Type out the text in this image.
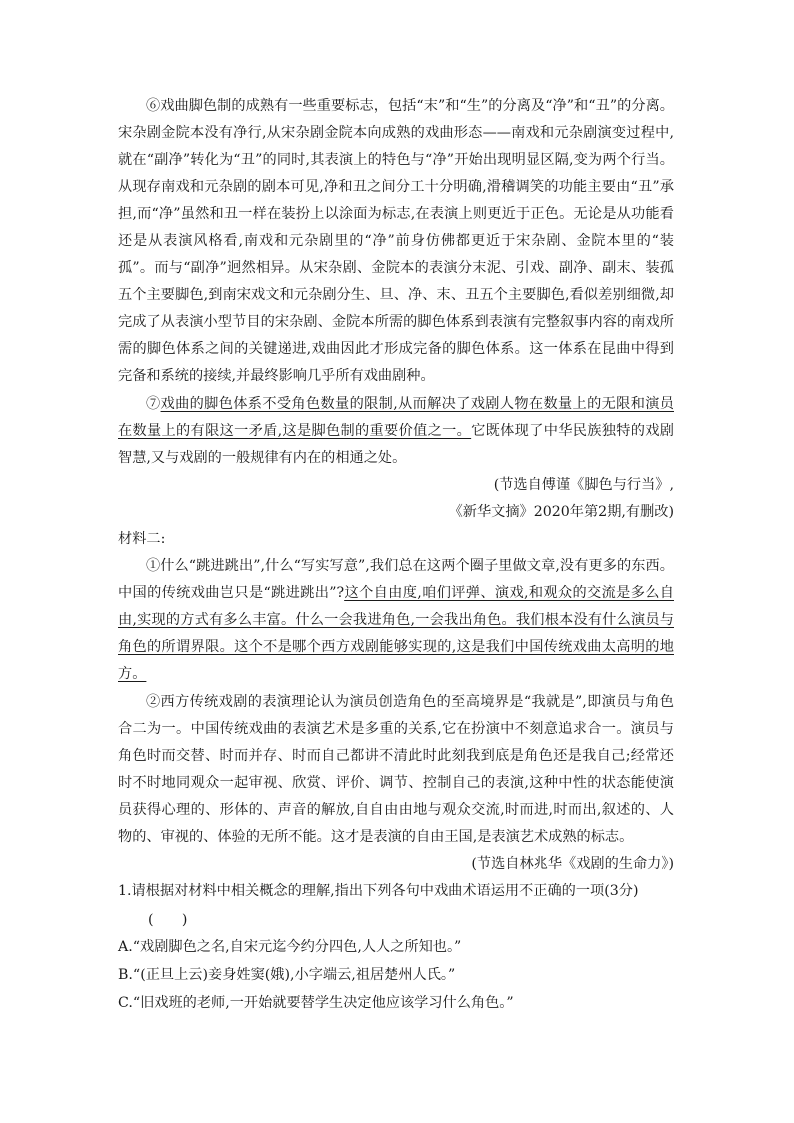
⑥戏曲脚色制的成熟有一些重要标志，包括“末”和“生”的分离及“净”和“丑”的分离。宋杂剧金院本没有净行,从宋杂剧金院本向成熟的戏曲形态——南戏和元杂剧演变过程中,就在“副净”转化为“丑”的同时,其表演上的特色与“净”开始出现明显区隔,变为两个行当。从现存南戏和元杂剧的剧本可见,净和丑之间分工十分明确,滑稽调笑的功能主要由“丑”承担,而“净”虽然和丑一样在装扮上以涂面为标志,在表演上则更近于正色。无论是从功能看还是从表演风格看,南戏和元杂剧里的“净”前身仿佛都更近于宋杂剧、金院本里的“装孤”。而与“副净”迥然相异。从宋杂剧、金院本的表演分末泥、引戏、副净、副末、装孤五个主要脚色,到南宋戏文和元杂剧分生、旦、净、末、丑五个主要脚色,看似差别细微,却完成了从表演小型节目的宋杂剧、金院本所需的脚色体系到表演有完整叙事内容的南戏所需的脚色体系之间的关键递进,戏曲因此才形成完备的脚色体系。这一体系在昆曲中得到完备和系统的接续,并最终影响几乎所有戏曲剧种。

⑦戏曲的脚色体系不受角色数量的限制,从而解决了戏剧人物在数量上的无限和演员在数量上的有限这一矛盾,这是脚色制的重要价值之一。它既体现了中华民族独特的戏剧智慧,又与戏剧的一般规律有内在的相通之处。

(节选自傅谨《脚色与行当》,

《新华文摘》2020年第2期,有删改)

材料二:

①什么“跳进跳出”,什么“写实写意”,我们总在这两个圈子里做文章,没有更多的东西。中国的传统戏曲岂只是“跳进跳出”?这个自由度,咱们评弹、演戏,和观众的交流是多么自由,实现的方式有多么丰富。什么一会我进角色,一会我出角色。我们根本没有什么演员与角色的所谓界限。这个不是哪个西方戏剧能够实现的,这是我们中国传统戏曲太高明的地方。

②西方传统戏剧的表演理论认为演员创造角色的至高境界是“我就是”,即演员与角色合二为一。中国传统戏曲的表演艺术是多重的关系,它在扮演中不刻意追求合一。演员与角色时而交替、时而并存、时而自己都讲不清此时此刻我到底是角色还是我自己;经常还时不时地同观众一起审视、欣赏、评价、调节、控制自己的表演,这种中性的状态能使演员获得心理的、形体的、声音的解放,自自由由地与观众交流,时而进,时而出,叙述的、人物的、审视的、体验的无所不能。这才是表演的自由王国,是表演艺术成熟的标志。

(节选自林兆华《戏剧的生命力》)

1.请根据对材料中相关概念的理解,指出下列各句中戏曲术语运用不正确的一项(3分)

(　　)

A.“戏剧脚色之名,自宋元迄今约分四色,人人之所知也。”

B.“(正旦上云)妾身姓窦(娥),小字端云,祖居楚州人氏。”

C.“旧戏班的老师,一开始就要替学生决定他应该学习什么角色。”
